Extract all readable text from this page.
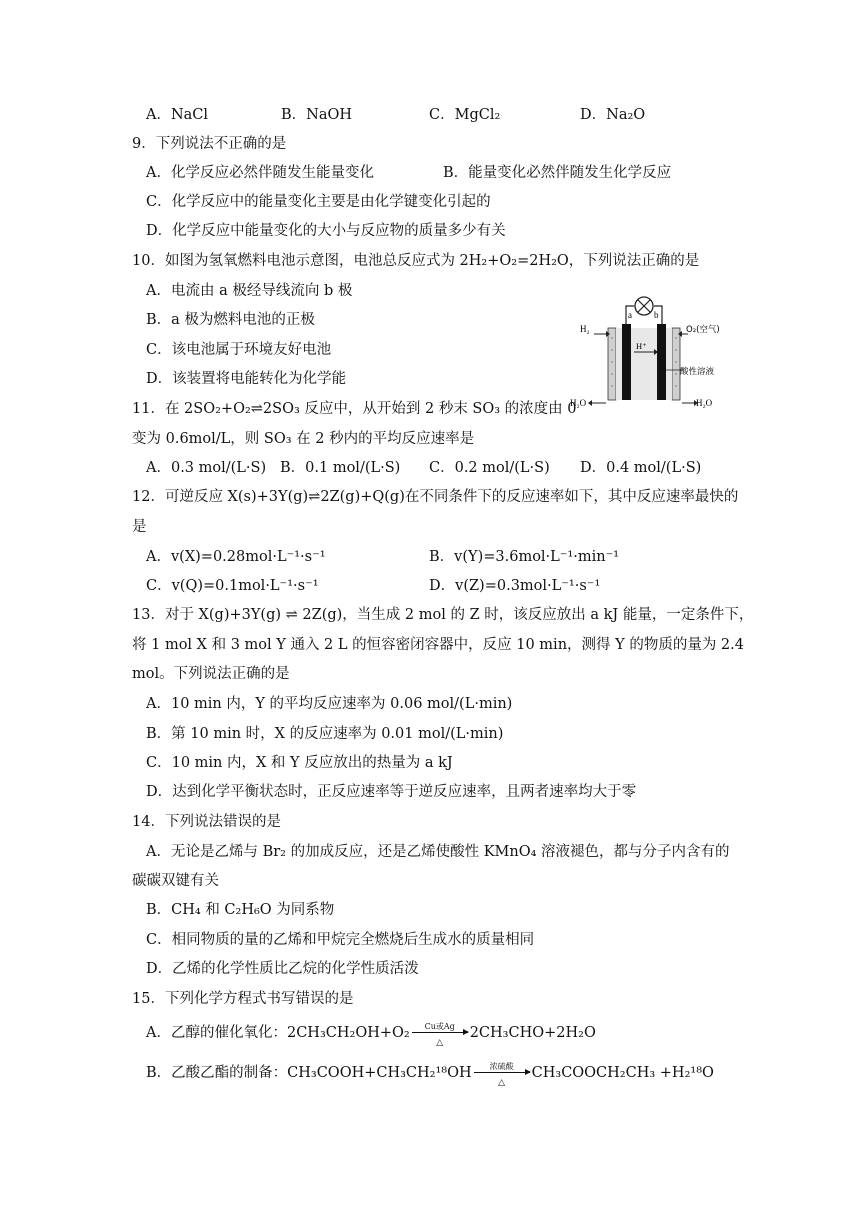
A．NaCl	B．NaOH	C．MgCl₂	D．Na₂O
9．下列说法不正确的是
A．化学反应必然伴随发生能量变化	B．能量变化必然伴随发生化学反应
C．化学反应中的能量变化主要是由化学键变化引起的
D．化学反应中能量变化的大小与反应物的质量多少有关
10．如图为氢氧燃料电池示意图，电池总反应式为 2H₂+O₂=2H₂O，下列说法正确的是
A．电流由 a 极经导线流向 b 极
B．a 极为燃料电池的正极
C．该电池属于环境友好电池
D．该装置将电能转化为化学能
a b
H⁺
H₂	O₂(空气)
酸性溶液
H₂O	H₂O
11．在 2SO₂+O₂⇌2SO₃ 反应中，从开始到 2 秒末 SO₃ 的浓度由 0
变为 0.6mol/L，则 SO₃ 在 2 秒内的平均反应速率是
A．0.3 mol/(L·S) B．0.1 mol/(L·S) C．0.2 mol/(L·S) D．0.4 mol/(L·S)
12．可逆反应 X(s)+3Y(g)⇌2Z(g)+Q(g)在不同条件下的反应速率如下，其中反应速率最快的
是
A．v(X)=0.28mol·L⁻¹·s⁻¹	B．v(Y)=3.6mol·L⁻¹·min⁻¹
C．v(Q)=0.1mol·L⁻¹·s⁻¹	D．v(Z)=0.3mol·L⁻¹·s⁻¹
13．对于 X(g)+3Y(g) ⇌ 2Z(g)，当生成 2 mol 的 Z 时，该反应放出 a kJ 能量，一定条件下，
将 1 mol X 和 3 mol Y 通入 2 L 的恒容密闭容器中，反应 10 min，测得 Y 的物质的量为 2.4
mol。下列说法正确的是
A．10 min 内，Y 的平均反应速率为 0.06 mol/(L·min)
B．第 10 min 时，X 的反应速率为 0.01 mol/(L·min)
C．10 min 内，X 和 Y 反应放出的热量为 a kJ
D．达到化学平衡状态时，正反应速率等于逆反应速率，且两者速率均大于零
14．下列说法错误的是
A．无论是乙烯与 Br₂ 的加成反应，还是乙烯使酸性 KMnO₄ 溶液褪色，都与分子内含有的
碳碳双键有关
B．CH₄ 和 C₂H₆O 为同系物
C．相同物质的量的乙烯和甲烷完全燃烧后生成水的质量相同
D．乙烯的化学性质比乙烷的化学性质活泼
15．下列化学方程式书写错误的是
A．乙醇的催化氧化：2CH₃CH₂OH+O₂	Cu或Ag
△
2CH₃CHO+2H₂O
B．乙酸乙酯的制备：CH₃COOH+CH₃CH₂¹⁸OH	浓硫酸
△
CH₃COOCH₂CH₃ +H₂¹⁸O
